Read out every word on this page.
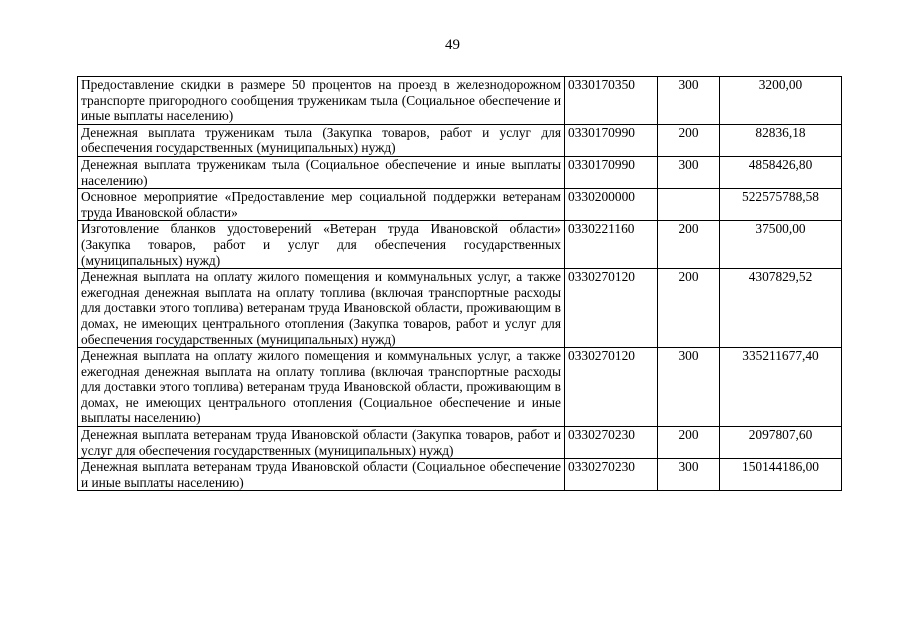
49
Предоставление скидки в размере 50 процентов на проезд в железнодорожном транспорте пригородного сообщения труженикам тыла (Социальное обеспечение и иные выплаты населению)	0330170350	300	3200,00
Денежная выплата труженикам тыла (Закупка товаров, работ и услуг для обеспечения государственных (муниципальных) нужд)	0330170990	200	82836,18
Денежная выплата труженикам тыла (Социальное обеспечение и иные выплаты населению)	0330170990	300	4858426,80
Основное мероприятие «Предоставление мер социальной поддержки ветеранам труда Ивановской области»	0330200000		522575788,58
Изготовление бланков удостоверений «Ветеран труда Ивановской области» (Закупка товаров, работ и услуг для обеспечения государственных (муниципальных) нужд)	0330221160	200	37500,00
Денежная выплата на оплату жилого помещения и коммунальных услуг, а также ежегодная денежная выплата на оплату топлива (включая транспортные расходы для доставки этого топлива) ветеранам труда Ивановской области, проживающим в домах, не имеющих центрального отопления (Закупка товаров, работ и услуг для обеспечения государственных (муниципальных) нужд)	0330270120	200	4307829,52
Денежная выплата на оплату жилого помещения и коммунальных услуг, а также ежегодная денежная выплата на оплату топлива (включая транспортные расходы для доставки этого топлива) ветеранам труда Ивановской области, проживающим в домах, не имеющих центрального отопления (Социальное обеспечение и иные выплаты населению)	0330270120	300	335211677,40
Денежная выплата ветеранам труда Ивановской области (Закупка товаров, работ и услуг для обеспечения государственных (муниципальных) нужд)	0330270230	200	2097807,60
Денежная выплата ветеранам труда Ивановской области (Социальное обеспечение и иные выплаты населению)	0330270230	300	150144186,00
